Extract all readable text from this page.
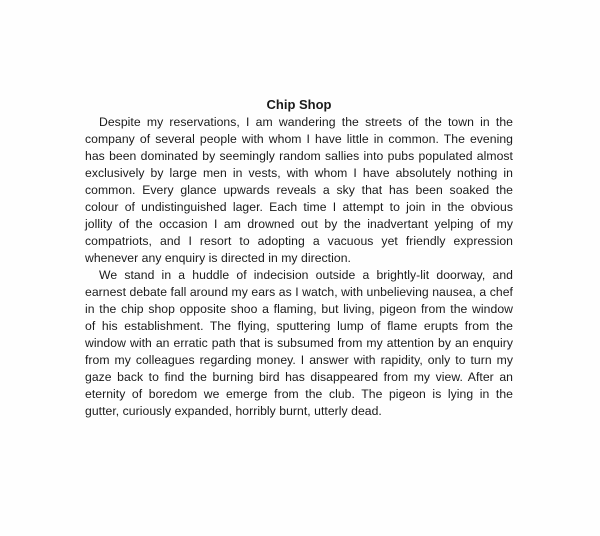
Chip Shop
Despite my reservations, I am wandering the streets of the town in the
company of several people with whom I have little in common. The evening
has been dominated by seemingly random sallies into pubs populated almost
exclusively by large men in vests, with whom I have absolutely nothing in
common. Every glance upwards reveals a sky that has been soaked the
colour of undistinguished lager. Each time I attempt to join in the obvious
jollity of the occasion I am drowned out by the inadvertant yelping of my
compatriots, and I resort to adopting a vacuous yet friendly expression
whenever any enquiry is directed in my direction.
We stand in a huddle of indecision outside a brightly-lit doorway, and
earnest debate fall around my ears as I watch, with unbelieving nausea, a chef
in the chip shop opposite shoo a flaming, but living, pigeon from the window
of his establishment. The flying, sputtering lump of flame erupts from the
window with an erratic path that is subsumed from my attention by an enquiry
from my colleagues regarding money. I answer with rapidity, only to turn my
gaze back to find the burning bird has disappeared from my view. After an
eternity of boredom we emerge from the club. The pigeon is lying in the
gutter, curiously expanded, horribly burnt, utterly dead.
